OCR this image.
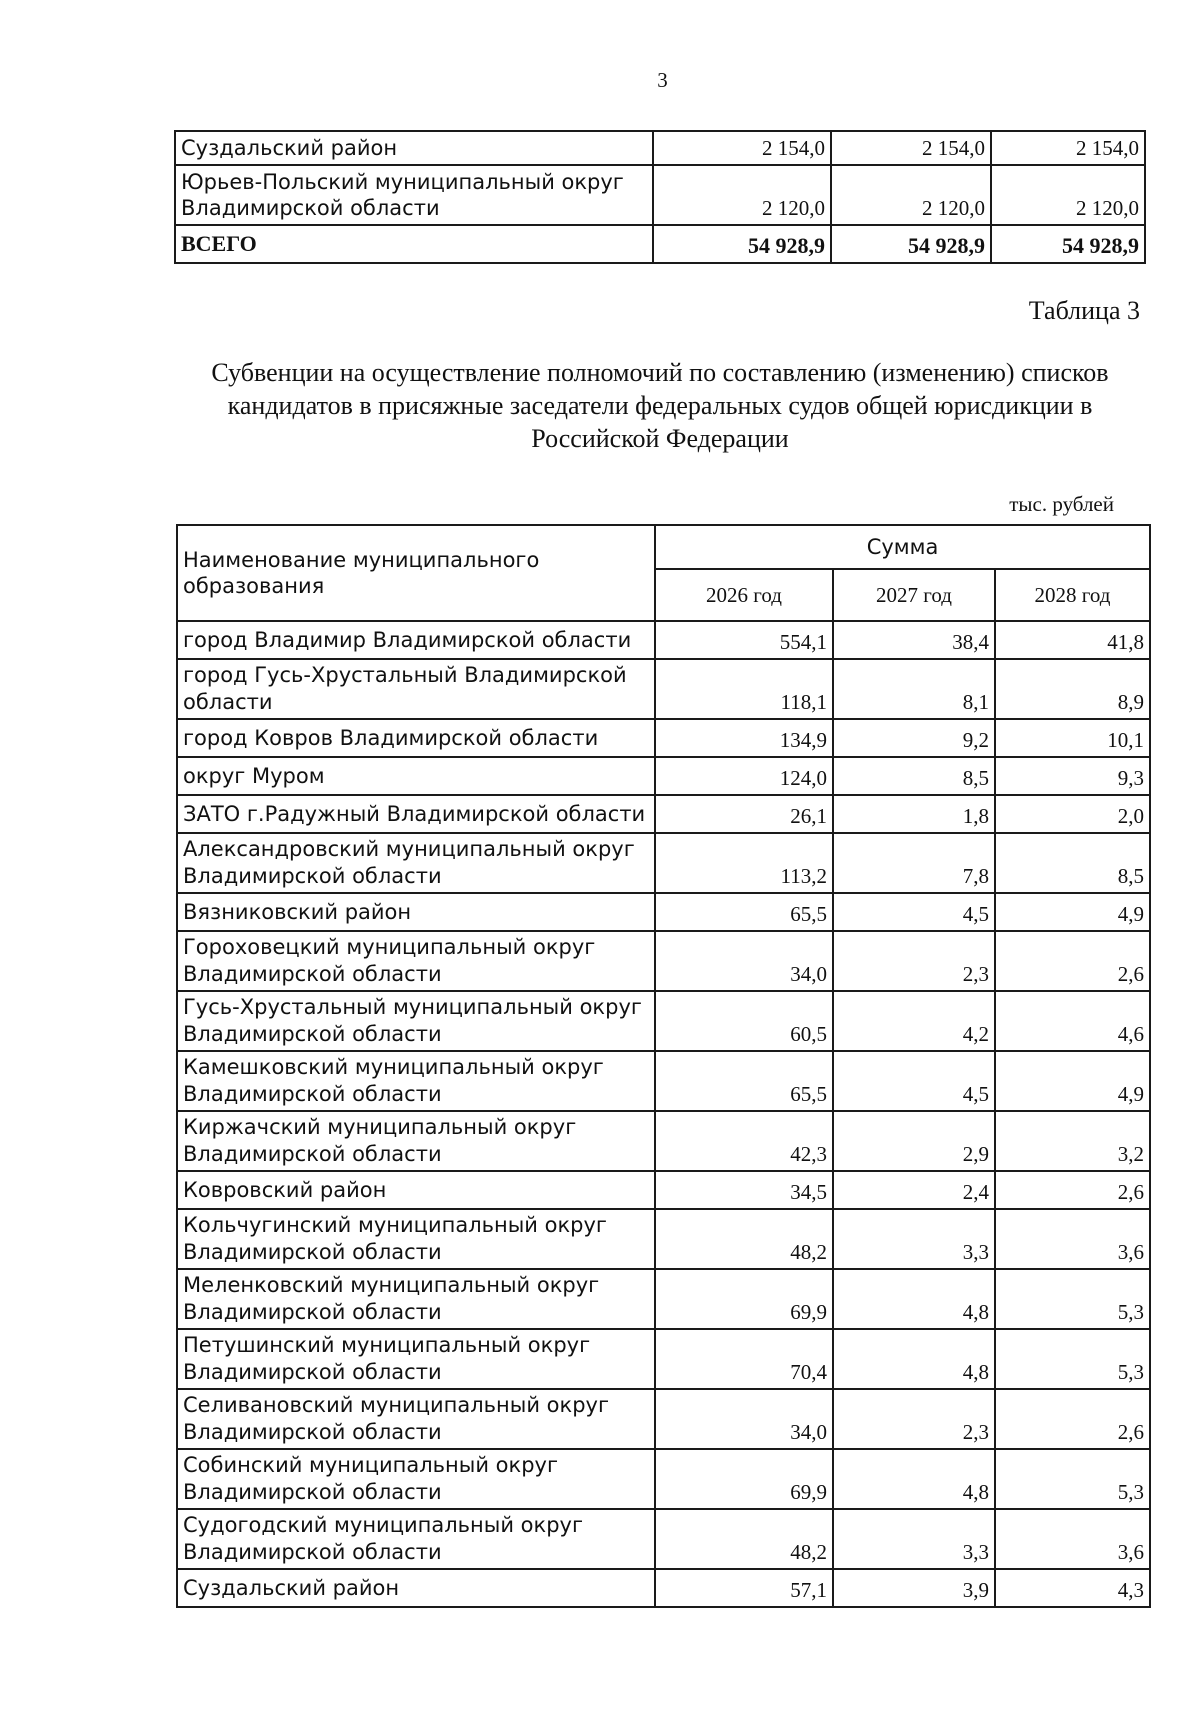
3
Суздальский район	2 154,0	2 154,0	2 154,0
Юрьев-Польский муниципальный округ Владимирской области	2 120,0	2 120,0	2 120,0
ВСЕГО	54 928,9	54 928,9	54 928,9
Таблица 3
Субвенции на осуществление полномочий по составлению (изменению) списков кандидатов в присяжные заседатели федеральных судов общей юрисдикции в Российской Федерации
тыс. рублей
Наименование муниципального образования	Сумма		
	2026 год	2027 год	2028 год
город Владимир Владимирской области	554,1	38,4	41,8
город Гусь-Хрустальный Владимирской области	118,1	8,1	8,9
город Ковров Владимирской области	134,9	9,2	10,1
округ Муром	124,0	8,5	9,3
ЗАТО г.Радужный Владимирской области	26,1	1,8	2,0
Александровский муниципальный округ Владимирской области	113,2	7,8	8,5
Вязниковский район	65,5	4,5	4,9
Гороховецкий муниципальный округ Владимирской области	34,0	2,3	2,6
Гусь-Хрустальный муниципальный округ Владимирской области	60,5	4,2	4,6
Камешковский муниципальный округ Владимирской области	65,5	4,5	4,9
Киржачский муниципальный округ Владимирской области	42,3	2,9	3,2
Ковровский район	34,5	2,4	2,6
Кольчугинский муниципальный округ Владимирской области	48,2	3,3	3,6
Меленковский муниципальный округ Владимирской области	69,9	4,8	5,3
Петушинский муниципальный округ Владимирской области	70,4	4,8	5,3
Селивановский муниципальный округ Владимирской области	34,0	2,3	2,6
Собинский муниципальный округ Владимирской области	69,9	4,8	5,3
Судогодский муниципальный округ Владимирской области	48,2	3,3	3,6
Суздальский район	57,1	3,9	4,3
